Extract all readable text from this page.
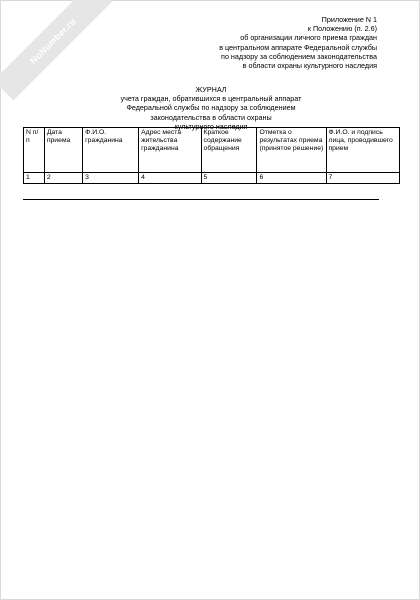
NoNumber.ru	Приложение N 1
к Положению (п. 2.6)
об организации личного приема граждан
в центральном аппарате Федеральной службы
по надзору за соблюдением законодательства
в области охраны культурного наследия
ЖУРНАЛ
учета граждан, обратившихся в центральный аппарат
Федеральной службы по надзору за соблюдением
законодательства в области охраны
культурного наследия
N п/п	Дата приема	Ф.И.О. гражданина	Адрес места жительства гражданина	Краткое содержание обращения	Отметка о результатах приема (принятое решение)	Ф.И.О. и подпись лица, проводившего прием
1	2	3	4	5	6	7
